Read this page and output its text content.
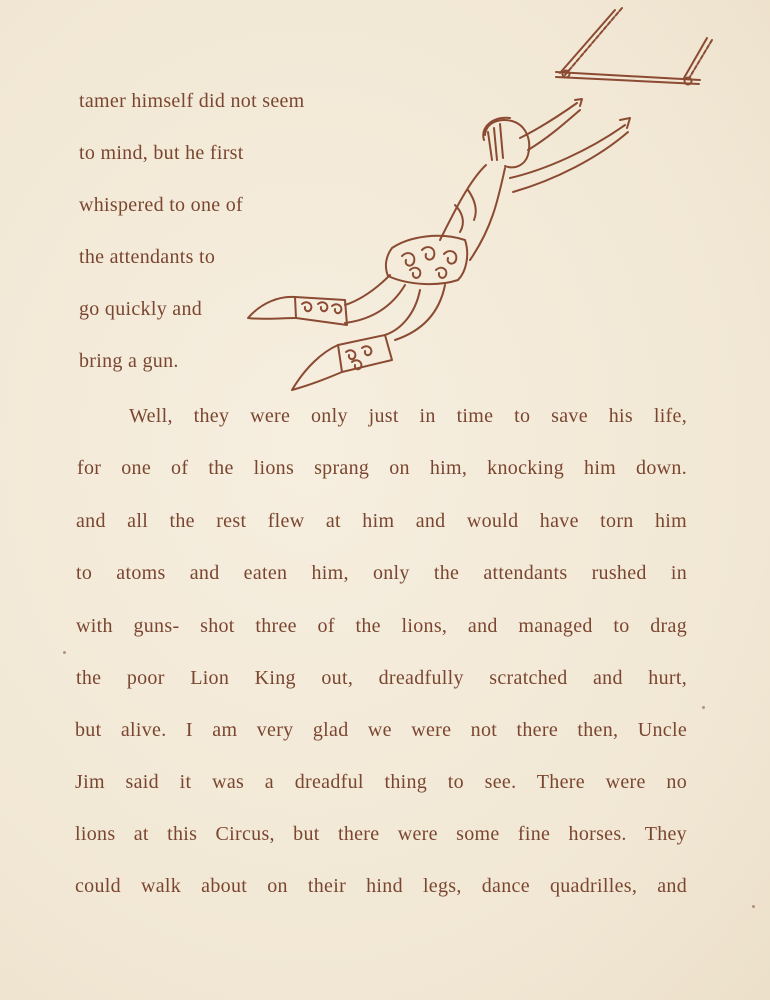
tamer himself did not seem
to mind, but he first
whispered to one of
the attendants to
go quickly and
bring a gun.
Well, they were only just in time to save his life,
for one of the lions sprang on him, knocking him down.
and all the rest flew at him and would have torn him
to atoms and eaten him, only the attendants rushed in
with guns- shot three of the lions, and managed to drag
the poor Lion King out, dreadfully scratched and hurt,
but alive. I am very glad we were not there then, Uncle
Jim said it was a dreadful thing to see. There were no
lions at this Circus, but there were some fine horses. They
could walk about on their hind legs, dance quadrilles, and
